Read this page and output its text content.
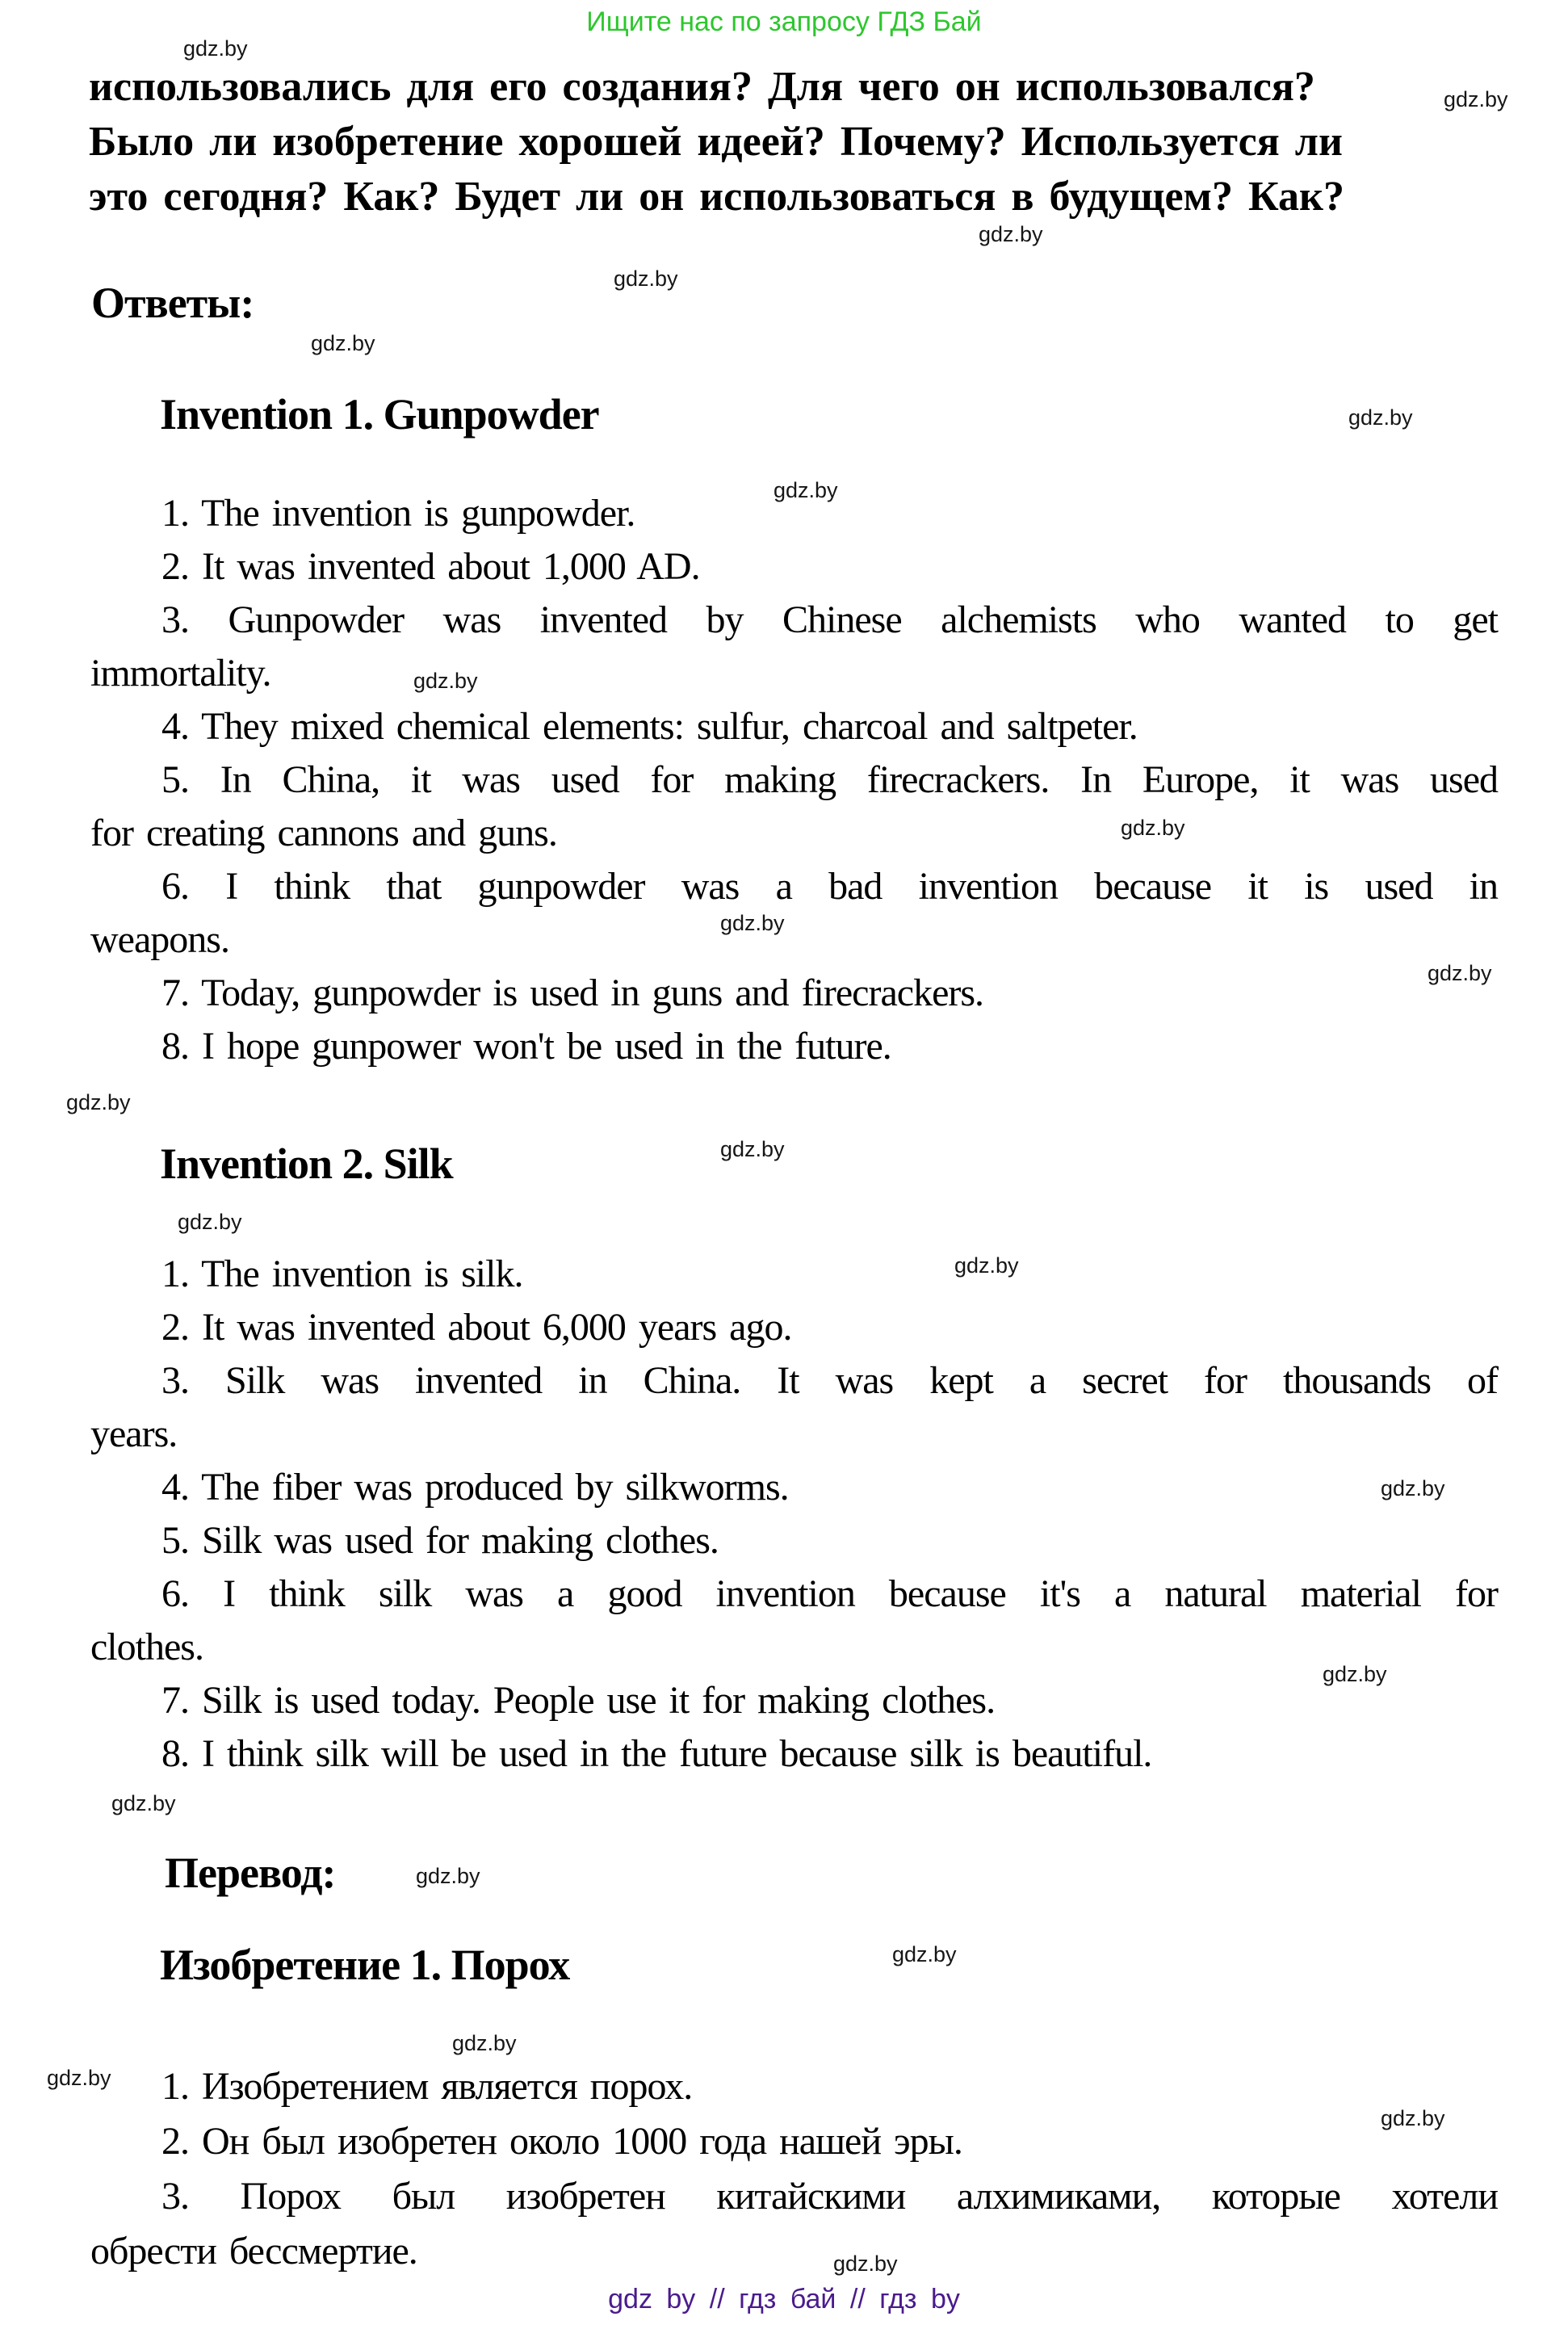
Ищите нас по запросу ГДЗ Бай
gdz.by
gdz.by
gdz.by
gdz.by
gdz.by
gdz.by
gdz.by
gdz.by
gdz.by
gdz.by
gdz.by
gdz.by
gdz.by
gdz.by
gdz.by
gdz.by
gdz.by
gdz.by
gdz.by
gdz.by
gdz.by
gdz.by
gdz.by
gdz.by
использовались для его создания? Для чего он использовался?
Было ли изобретение хорошей идеей? Почему? Используется ли
это сегодня? Как? Будет ли он использоваться в будущем? Как?
Ответы:
Invention 1. Gunpowder
1. The invention is gunpowder.
2. It was invented about 1,000 AD.
3. Gunpowder was invented by Chinese alchemists who wanted to get
immortality.
4. They mixed chemical elements: sulfur, charcoal and saltpeter.
5. In China, it was used for making firecrackers. In Europe, it was used
for creating cannons and guns.
6. I think that gunpowder was a bad invention because it is used in
weapons.
7. Today, gunpowder is used in guns and firecrackers.
8. I hope gunpower won't be used in the future.
Invention 2. Silk
1. The invention is silk.
2. It was invented about 6,000 years ago.
3. Silk was invented in China. It was kept a secret for thousands of
years.
4. The fiber was produced by silkworms.
5. Silk was used for making clothes.
6. I think silk was a good invention because it's a natural material for
clothes.
7. Silk is used today. People use it for making clothes.
8. I think silk will be used in the future because silk is beautiful.
Перевод:
Изобретение 1. Порох
1. Изобретением является порох.
2. Он был изобретен около 1000 года нашей эры.
3. Порох был изобретен китайскими алхимиками, которые хотели
обрести бессмертие.
gdz by // гдз бай // гдз by
